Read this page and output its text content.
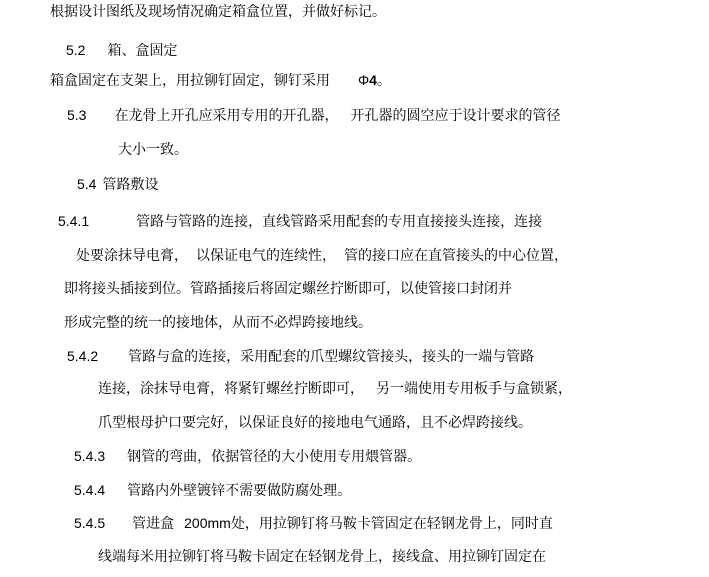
根据设计图纸及现场情况确定箱盒位置，并做好标记。
5.2 箱、盒固定
箱盒固定在支架上，用拉铆钉固定，铆钉采用 Φ4。
5.3 在龙骨上开孔应采用专用的开孔器， 开孔器的圆空应于设计要求的管径
大小一致。
5.4 管路敷设
5.4.1	管路与管路的连接，直线管路采用配套的专用直接接头连接，连接
处要涂抹导电膏， 以保证电气的连续性， 管的接口应在直管接头的中心位置，
即将接头插接到位。管路插接后将固定螺丝拧断即可，以使管接口封闭并
形成完整的统一的接地体，从而不必焊跨接地线。
5.4.2 管路与盒的连接，采用配套的爪型螺纹管接头，接头的一端与管路
连接，涂抹导电膏，将紧钉螺丝拧断即可， 另一端使用专用板手与盒锁紧，
爪型根母护口要完好，以保证良好的接地电气通路，且不必焊跨接线。
5.4.3 钢管的弯曲，依据管径的大小使用专用煨管器。
5.4.4 管路内外壁镀锌不需要做防腐处理。
5.4.5 管进盒 200mm处，用拉铆钉将马鞍卡管固定在轻钢龙骨上，同时直
线端每米用拉铆钉将马鞍卡固定在轻钢龙骨上，接线盒、用拉铆钉固定在
